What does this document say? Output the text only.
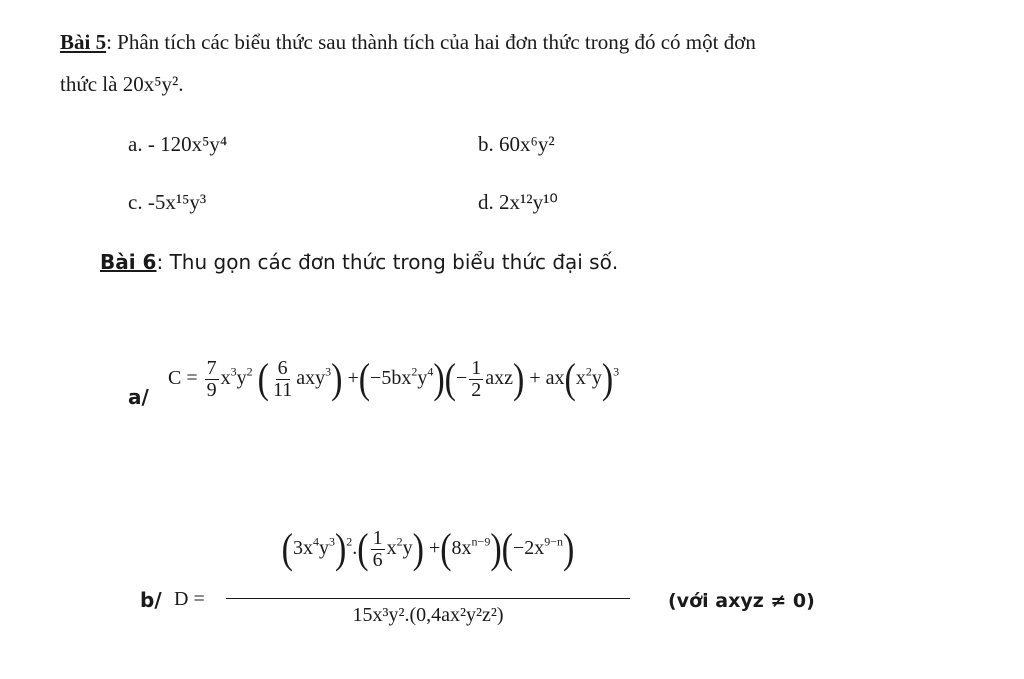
Bài 5: Phân tích các biểu thức sau thành tích của hai đơn thức trong đó có một đơn
thức là 20x⁵y².
a. - 120x⁵y⁴	b. 60x⁶y²
c. -5x¹⁵y³	d. 2x¹²y¹⁰
Bài 6: Thu gọn các đơn thức trong biểu thức đại số.
a/
$C = \frac{7}{9} x^3y^2$ ( $\frac{6}{11} axy^3) +(-5bx^2y^4)(- \frac{1}{2} axz) + ax(x^2y)^3$
b/ D =
$(3x^4y^3)^2.( \frac{1}{6} x^2y) +(8x^{n-9})(-2x^{9-n})$
15x³y².(0,4ax²y²z²)
(với axyz ≠ 0)
